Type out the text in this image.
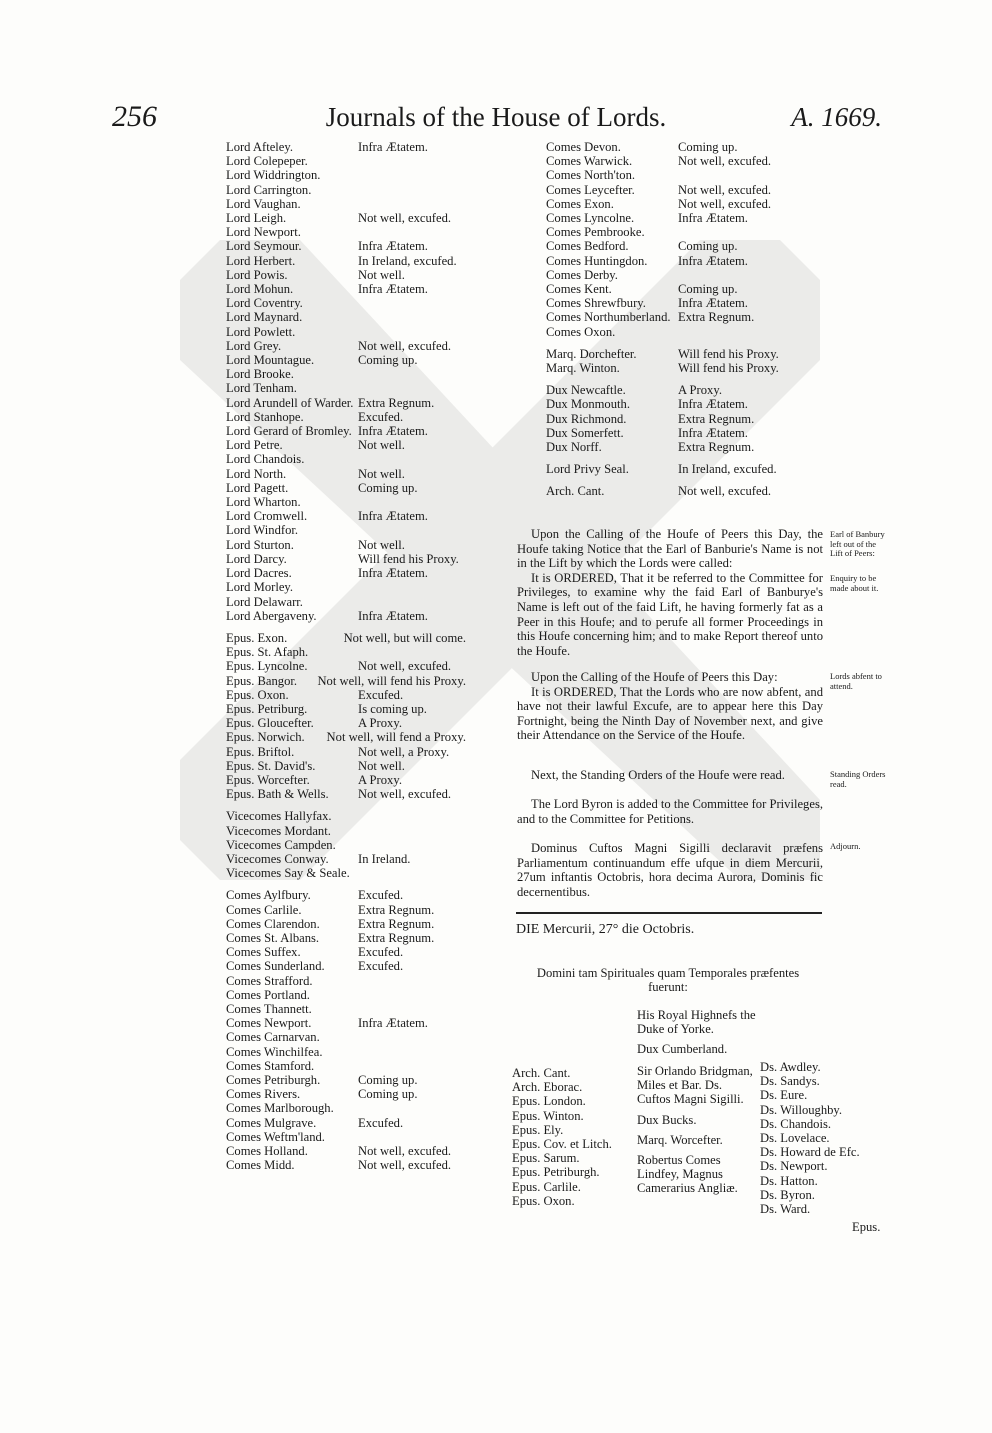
256	Journals of the House of Lords.	A. 1669.
Lord Afteley.	Infra Ætatem.
Lord Colepeper.
Lord Widdrington.
Lord Carrington.
Lord Vaughan.
Lord Leigh.	Not well, excufed.
Lord Newport.
Lord Seymour.	Infra Ætatem.
Lord Herbert.	In Ireland, excufed.
Lord Powis.	Not well.
Lord Mohun.	Infra Ætatem.
Lord Coventry.
Lord Maynard.
Lord Powlett.
Lord Grey.	Not well, excufed.
Lord Mountague.	Coming up.
Lord Brooke.
Lord Tenham.
Lord Arundell of Warder. Extra Regnum.
Lord Stanhope.	Excufed.
Lord Gerard of Bromley. Infra Ætatem.
Lord Petre.	Not well.
Lord Chandois.
Lord North.	Not well.
Lord Pagett.	Coming up.
Lord Wharton.
Lord Cromwell.	Infra Ætatem.
Lord Windfor.
Lord Sturton.	Not well.
Lord Darcy.	Will fend his Proxy.
Lord Dacres.	Infra Ætatem.
Lord Morley.
Lord Delawarr.
Lord Abergaveny.	Infra Ætatem.
Epus. Exon.	Not well, but will come.
Epus. St. Afaph.
Epus. Lyncolne.	Not well, excufed.
Epus. Bangor.	Not well, will fend his Proxy.
Epus. Oxon.	Excufed.
Epus. Petriburg.	Is coming up.
Epus. Gloucefter.	A Proxy.
Epus. Norwich.	Not well, will fend a Proxy.
Epus. Briftol.	Not well, a Proxy.
Epus. St. David's.	Not well.
Epus. Worcefter.	A Proxy.
Epus. Bath & Wells.	Not well, excufed.
Vicecomes Hallyfax.
Vicecomes Mordant.
Vicecomes Campden.
Vicecomes Conway.	In Ireland.
Vicecomes Say & Seale.
Comes Aylfbury.	Excufed.
Comes Carlile.	Extra Regnum.
Comes Clarendon.	Extra Regnum.
Comes St. Albans.	Extra Regnum.
Comes Suffex.	Excufed.
Comes Sunderland.	Excufed.
Comes Strafford.
Comes Portland.
Comes Thannett.
Comes Newport.	Infra Ætatem.
Comes Carnarvan.
Comes Winchilfea.
Comes Stamford.
Comes Petriburgh.	Coming up.
Comes Rivers.	Coming up.
Comes Marlborough.
Comes Mulgrave.	Excufed.
Comes Weftm'land.
Comes Holland.	Not well, excufed.
Comes Midd.	Not well, excufed.
Comes Devon.	Coming up.
Comes Warwick.	Not well, excufed.
Comes North'ton.
Comes Leycefter.	Not well, excufed.
Comes Exon.	Not well, excufed.
Comes Lyncolne.	Infra Ætatem.
Comes Pembrooke.
Comes Bedford.	Coming up.
Comes Huntingdon.	Infra Ætatem.
Comes Derby.
Comes Kent.	Coming up.
Comes Shrewfbury.	Infra Ætatem.
Comes Northumberland. Extra Regnum.
Comes Oxon.
Marq. Dorchefter.	Will fend his Proxy.
Marq. Winton.	Will fend his Proxy.
Dux Newcaftle.	A Proxy.
Dux Monmouth.	Infra Ætatem.
Dux Richmond.	Extra Regnum.
Dux Somerfett.	Infra Ætatem.
Dux Norff.	Extra Regnum.
Lord Privy Seal.	In Ireland, excufed.
Arch. Cant.	Not well, excufed.
Upon the Calling of the Houfe of Peers this Day, the Houfe taking Notice that the Earl of Banburie's Name is not in the Lift by which the Lords were called:
It is ORDERED, That it be referred to the Committee for Privileges, to examine why the faid Earl of Banburye's Name is left out of the faid Lift, he having formerly fat as a Peer in this Houfe; and to perufe all former Proceedings in this Houfe concerning him; and to make Report thereof unto the Houfe.
Upon the Calling of the Houfe of Peers this Day:
It is ORDERED, That the Lords who are now abfent, and have not their lawful Excufe, are to appear here this Day Fortnight, being the Ninth Day of November next, and give their Attendance on the Service of the Houfe.
Next, the Standing Orders of the Houfe were read.
The Lord Byron is added to the Committee for Privileges, and to the Committee for Petitions.
Dominus Cuftos Magni Sigilli declaravit præfens Parliamentum continuandum effe ufque in diem Mercurii, 27um inftantis Octobris, hora decima Aurora, Dominis fic decernentibus.
Earl of Banbury left out of the Lift of Peers:
Enquiry to be made about it.
Lords abfent to attend.
Standing Orders read.
Adjourn.
DIE Mercurii, 27° die Octobris.
Domini tam Spirituales quam Temporales præfentes fuerunt:
His Royal Highnefs the Duke of Yorke.
Dux Cumberland.
Arch. Cant.
Arch. Eborac.
Epus. London.
Epus. Winton.
Epus. Ely.
Epus. Cov. et Litch.
Epus. Sarum.
Epus. Petriburgh.
Epus. Carlile.
Epus. Oxon.
Sir Orlando Bridgman, Miles et Bar. Ds. Cuftos Magni Sigilli.
Dux Bucks.
Marq. Worcefter.
Robertus Comes Lindfey, Magnus Camerarius Angliæ.
Ds. Awdley.
Ds. Sandys.
Ds. Eure.
Ds. Willoughby.
Ds. Chandois.
Ds. Lovelace.
Ds. Howard de Efc.
Ds. Newport.
Ds. Hatton.
Ds. Byron.
Ds. Ward.
Epus.
